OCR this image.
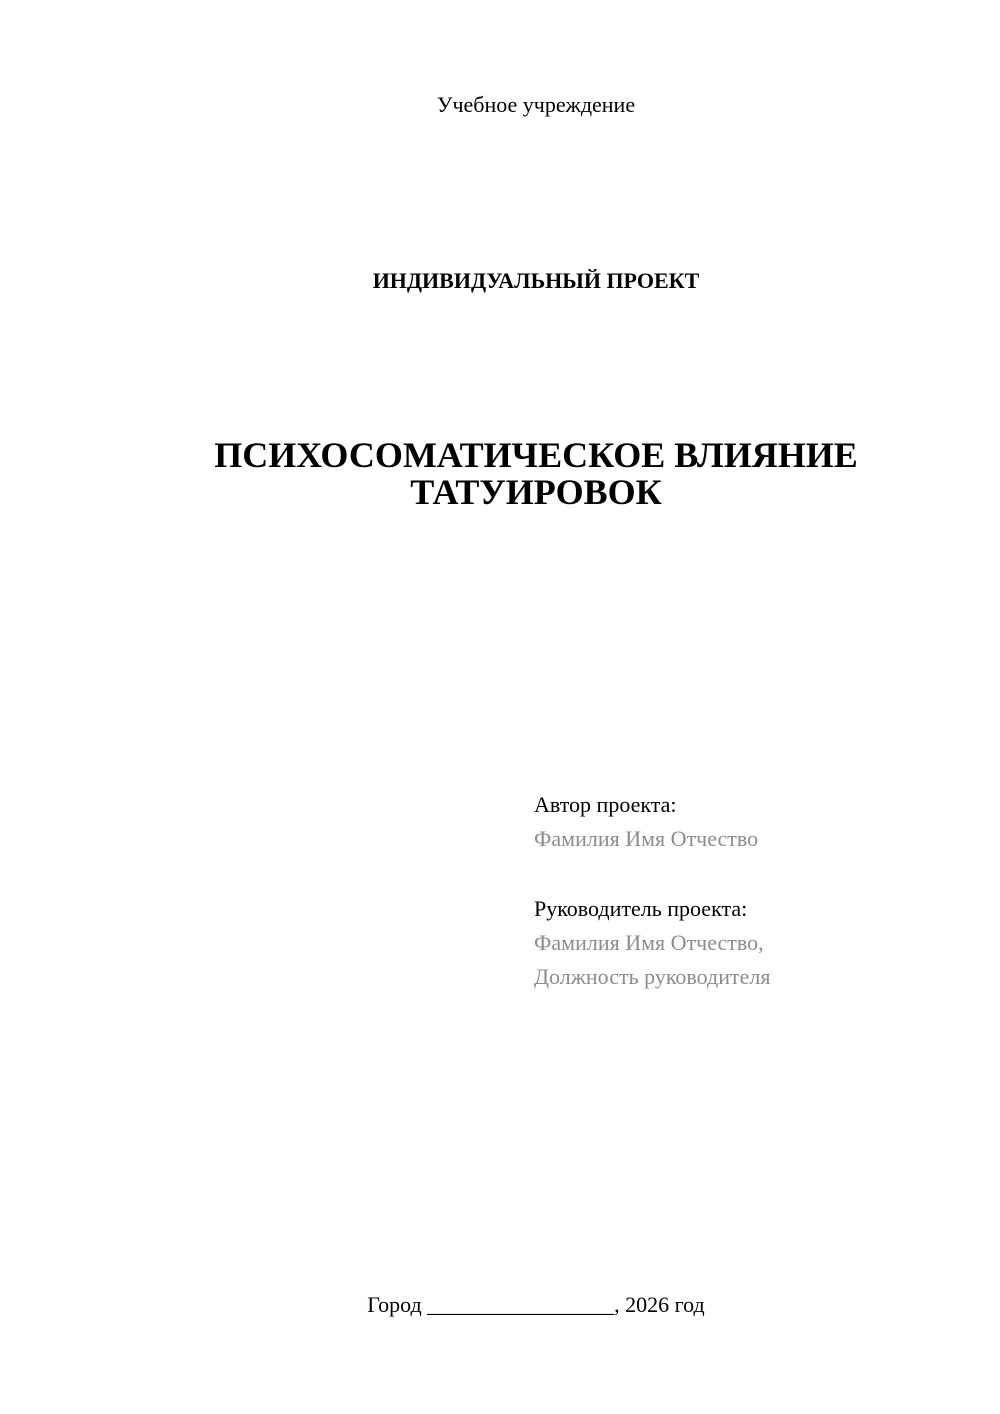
Учебное учреждение
ИНДИВИДУАЛЬНЫЙ ПРОЕКТ
ПСИХОСОМАТИЧЕСКОЕ ВЛИЯНИЕ
ТАТУИРОВОК
Автор проекта:
Фамилия Имя Отчество
Руководитель проекта:
Фамилия Имя Отчество,
Должность руководителя
Город _________________, 2026 год
